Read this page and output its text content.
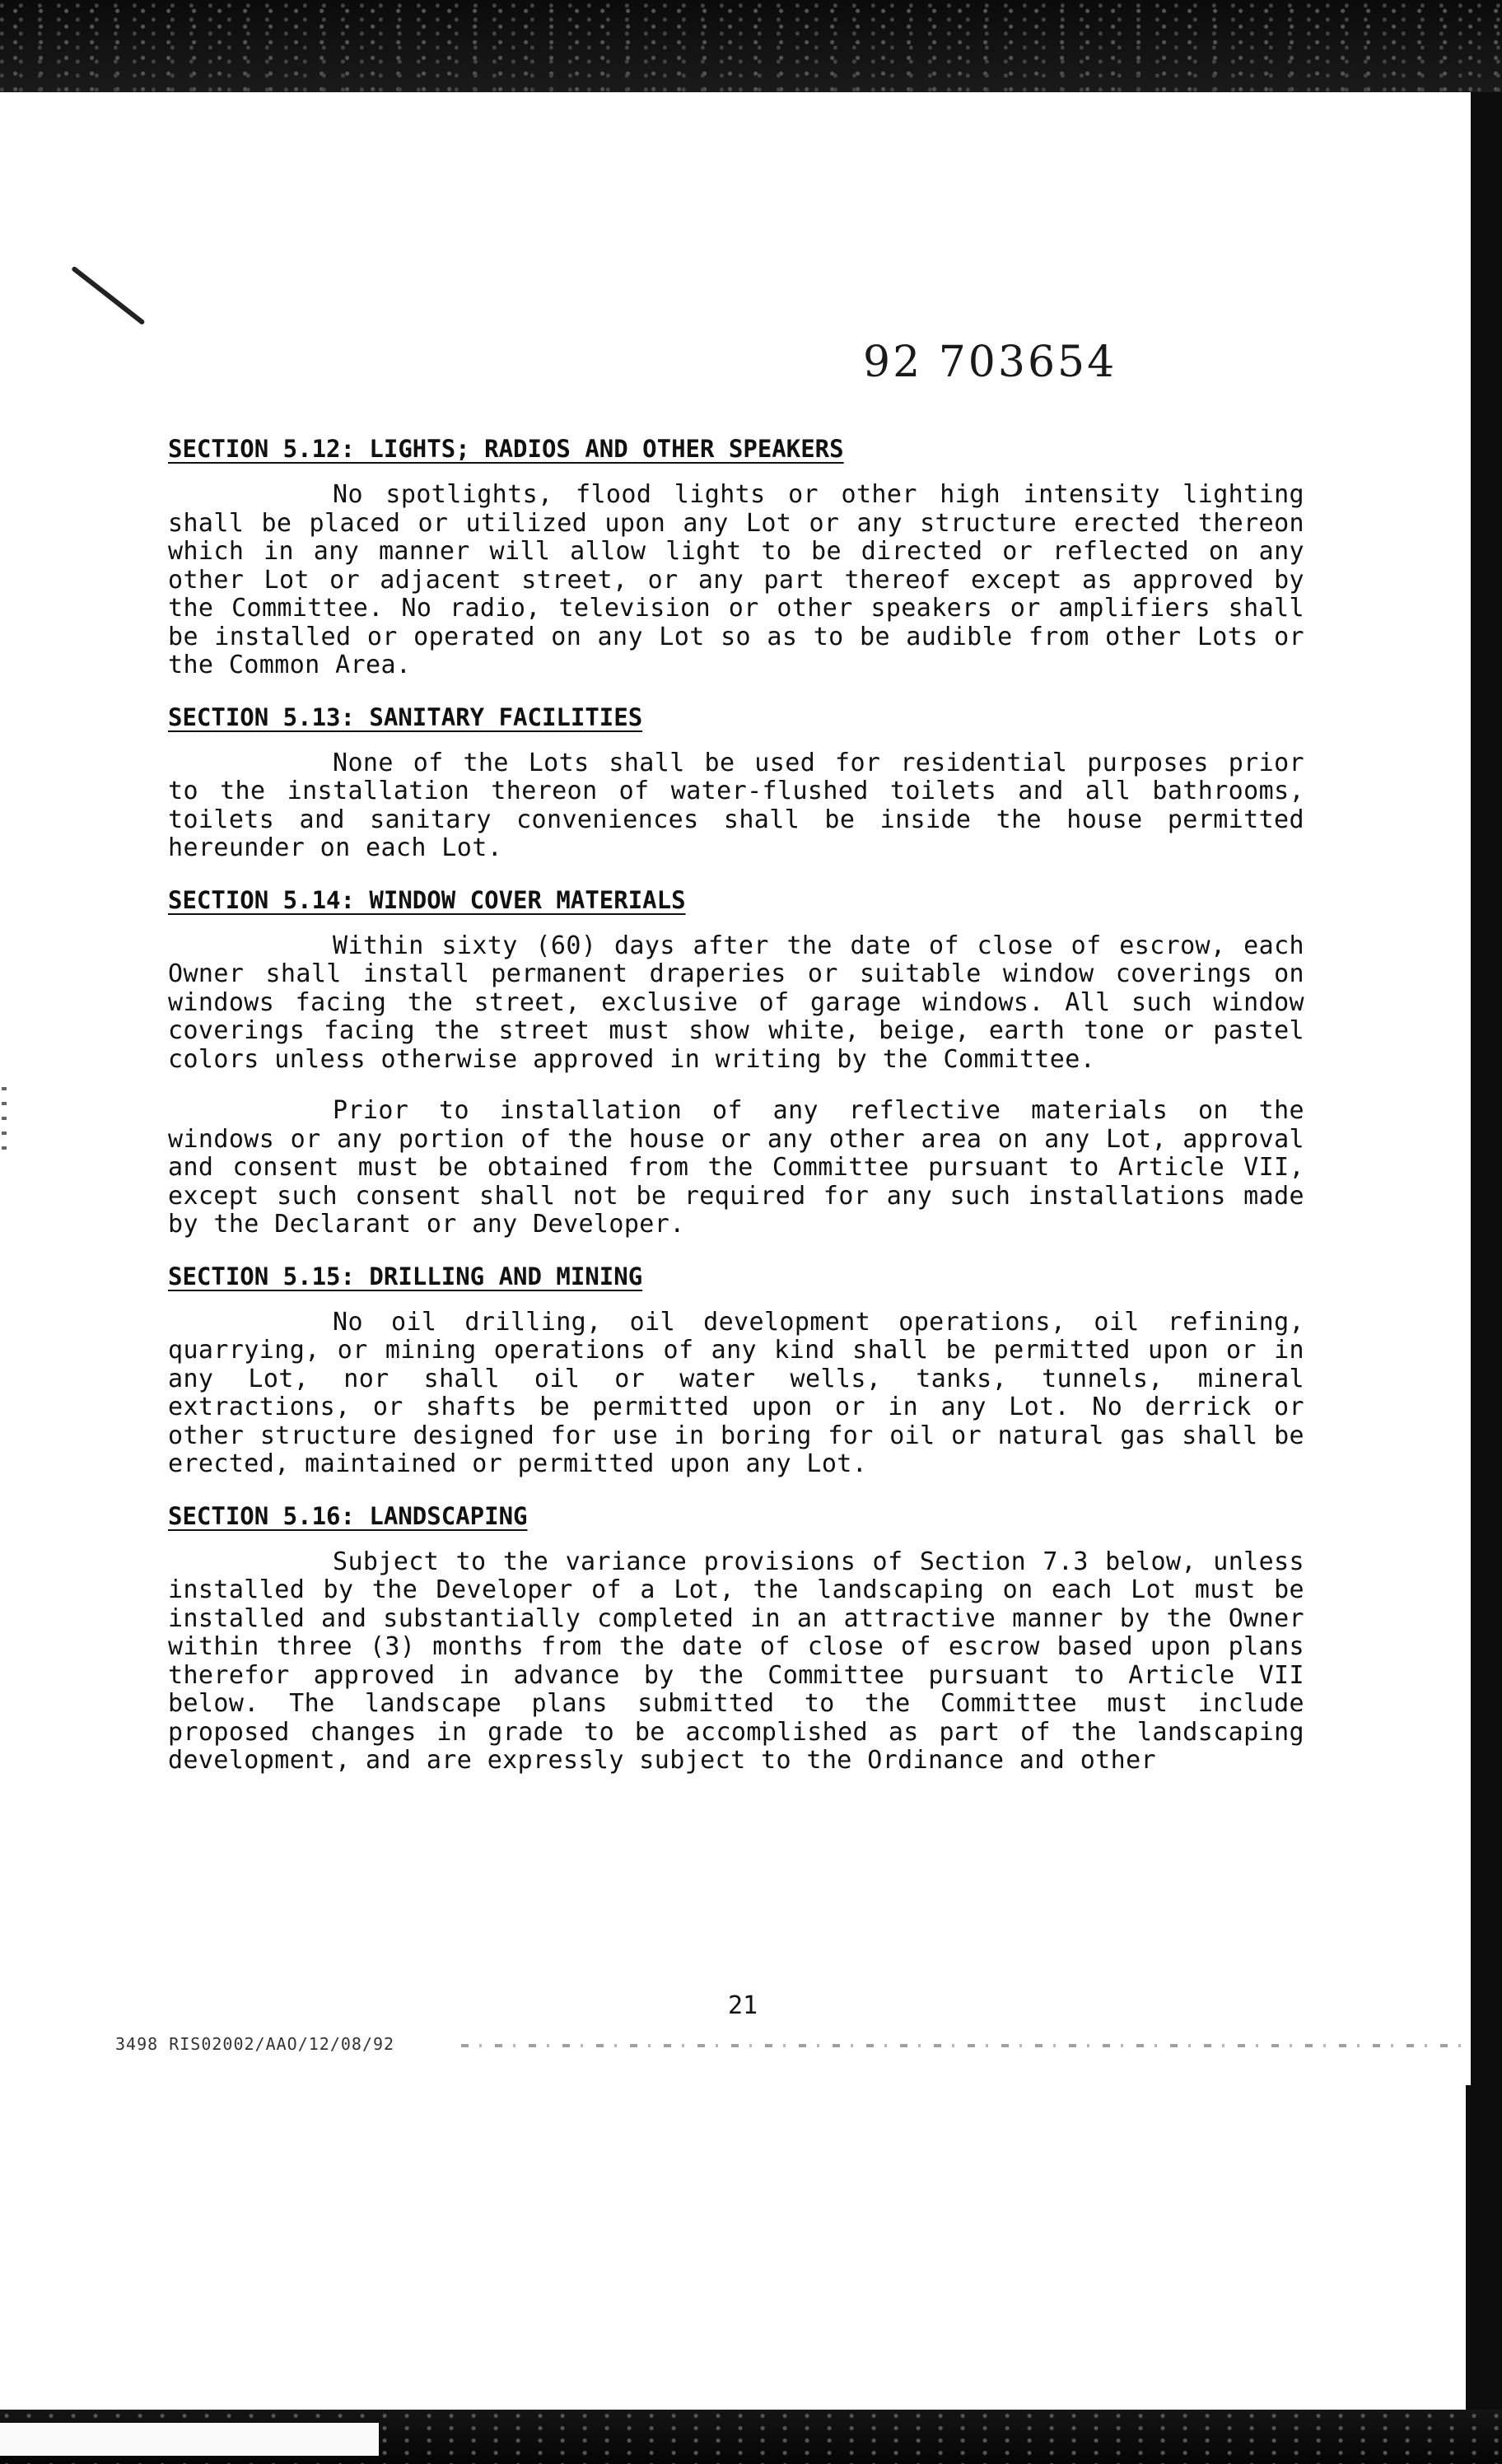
92 703654
SECTION 5.12: LIGHTS; RADIOS AND OTHER SPEAKERS

No spotlights, flood lights or other high intensity lighting shall be placed or utilized upon any Lot or any structure erected thereon which in any manner will allow light to be directed or reflected on any other Lot or adjacent street, or any part thereof except as approved by the Committee. No radio, television or other speakers or amplifiers shall be installed or operated on any Lot so as to be audible from other Lots or the Common Area.

SECTION 5.13: SANITARY FACILITIES

None of the Lots shall be used for residential purposes prior to the installation thereon of water-flushed toilets and all bathrooms, toilets and sanitary conveniences shall be inside the house permitted hereunder on each Lot.

SECTION 5.14: WINDOW COVER MATERIALS

Within sixty (60) days after the date of close of escrow, each Owner shall install permanent draperies or suitable window coverings on windows facing the street, exclusive of garage windows. All such window coverings facing the street must show white, beige, earth tone or pastel colors unless otherwise approved in writing by the Committee.

Prior to installation of any reflective materials on the windows or any portion of the house or any other area on any Lot, approval and consent must be obtained from the Committee pursuant to Article VII, except such consent shall not be required for any such installations made by the Declarant or any Developer.

SECTION 5.15: DRILLING AND MINING

No oil drilling, oil development operations, oil refining, quarrying, or mining operations of any kind shall be permitted upon or in any Lot, nor shall oil or water wells, tanks, tunnels, mineral extractions, or shafts be permitted upon or in any Lot. No derrick or other structure designed for use in boring for oil or natural gas shall be erected, maintained or permitted upon any Lot.

SECTION 5.16: LANDSCAPING

Subject to the variance provisions of Section 7.3 below, unless installed by the Developer of a Lot, the landscaping on each Lot must be installed and substantially completed in an attractive manner by the Owner within three (3) months from the date of close of escrow based upon plans therefor approved in advance by the Committee pursuant to Article VII below. The landscape plans submitted to the Committee must include proposed changes in grade to be accomplished as part of the landscaping development, and are expressly subject to the Ordinance and other

21
3498 RIS02002/AAO/12/08/92
